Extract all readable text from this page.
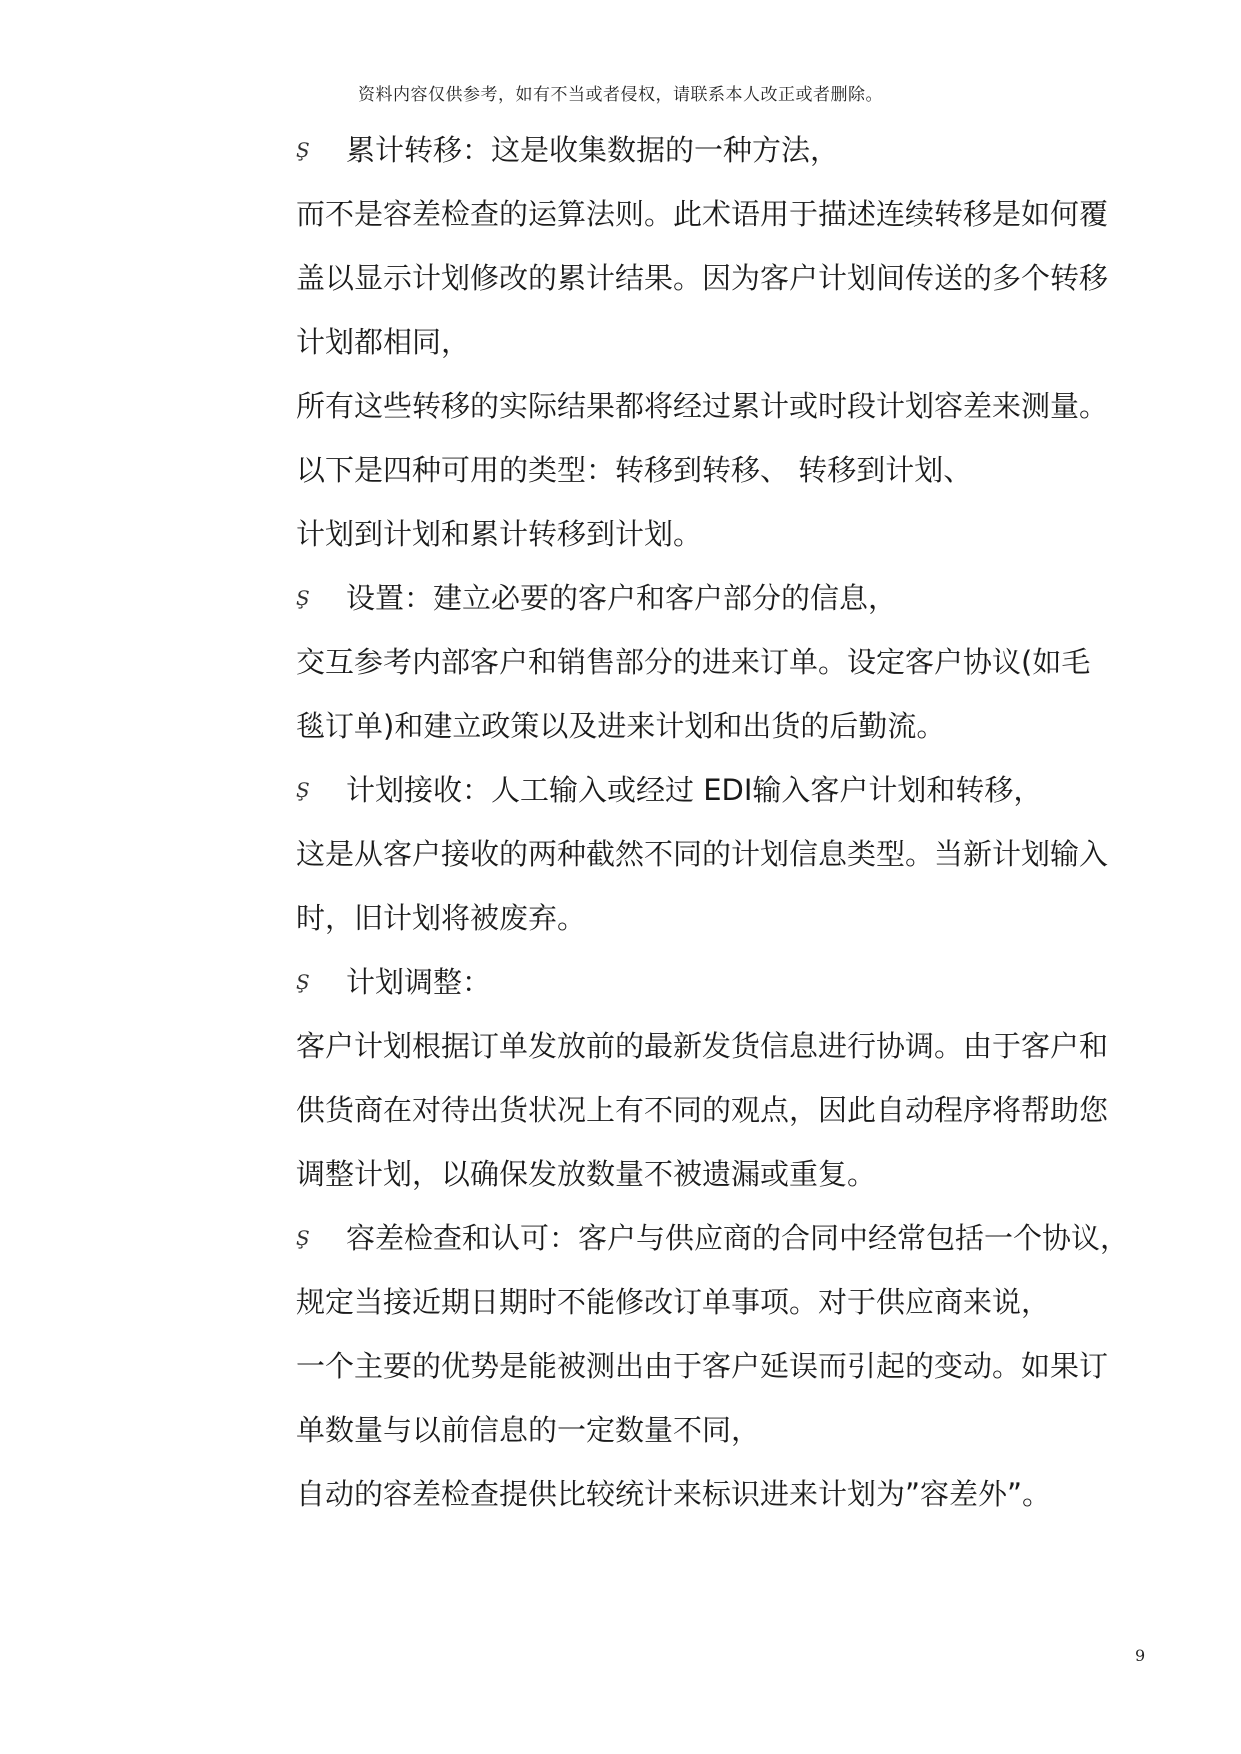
资料内容仅供参考，如有不当或者侵权，请联系本人改正或者删除。
Ş 累计转移：这是收集数据的一种方法，
而不是容差检查的运算法则。此术语用于描述连续转移是如何覆
盖以显示计划修改的累计结果。因为客户计划间传送的多个转移
计划都相同，
所有这些转移的实际结果都将经过累计或时段计划容差来测量。
以下是四种可用的类型：转移到转移、 转移到计划、
计划到计划和累计转移到计划。
Ş 设置：建立必要的客户和客户部分的信息，
交互参考内部客户和销售部分的进来订单。设定客户协议(如毛
毯订单)和建立政策以及进来计划和出货的后勤流。
Ş 计划接收：人工输入或经过 EDI输入客户计划和转移，
这是从客户接收的两种截然不同的计划信息类型。当新计划输入
时，旧计划将被废弃。
Ş 计划调整：
客户计划根据订单发放前的最新发货信息进行协调。由于客户和
供货商在对待出货状况上有不同的观点，因此自动程序将帮助您
调整计划，以确保发放数量不被遗漏或重复。
Ş 容差检查和认可：客户与供应商的合同中经常包括一个协议，
规定当接近期日期时不能修改订单事项。对于供应商来说，
一个主要的优势是能被测出由于客户延误而引起的变动。如果订
单数量与以前信息的一定数量不同，
自动的容差检查提供比较统计来标识进来计划为”容差外”。
9
